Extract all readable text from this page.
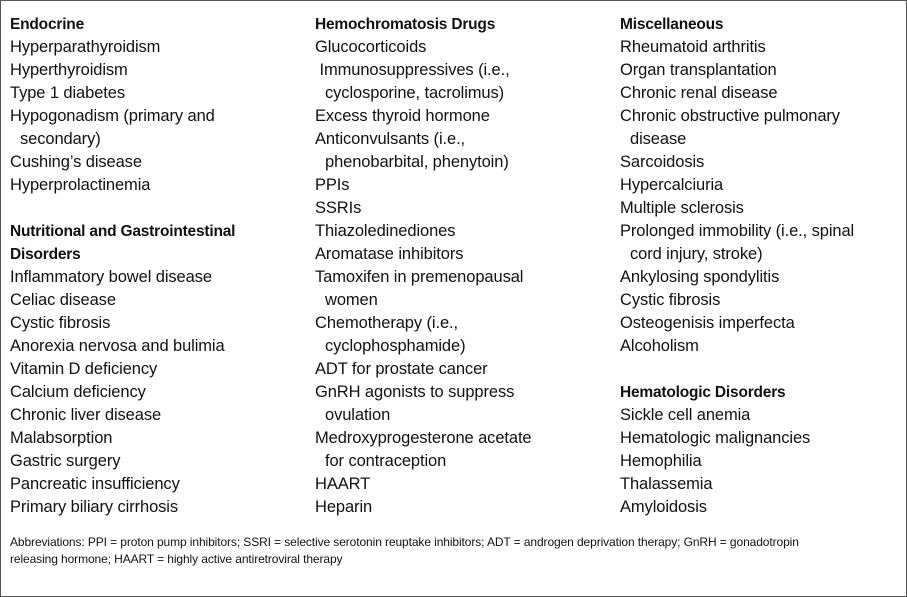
Endocrine
Hyperparathyroidism
Hyperthyroidism
Type 1 diabetes
Hypogonadism (primary and
secondary)
Cushing’s disease
Hyperprolactinemia
Nutritional and Gastrointestinal
Disorders
Inflammatory bowel disease
Celiac disease
Cystic fibrosis
Anorexia nervosa and bulimia
Vitamin D deficiency
Calcium deficiency
Chronic liver disease
Malabsorption
Gastric surgery
Pancreatic insufficiency
Primary biliary cirrhosis
Hemochromatosis Drugs
Glucocorticoids
Immunosuppressives (i.e.,
cyclosporine, tacrolimus)
Excess thyroid hormone
Anticonvulsants (i.e.,
phenobarbital, phenytoin)
PPIs
SSRIs
Thiazoledinediones
Aromatase inhibitors
Tamoxifen in premenopausal
women
Chemotherapy (i.e.,
cyclophosphamide)
ADT for prostate cancer
GnRH agonists to suppress
ovulation
Medroxyprogesterone acetate
for contraception
HAART
Heparin
Miscellaneous
Rheumatoid arthritis
Organ transplantation
Chronic renal disease
Chronic obstructive pulmonary
disease
Sarcoidosis
Hypercalciuria
Multiple sclerosis
Prolonged immobility (i.e., spinal
cord injury, stroke)
Ankylosing spondylitis
Cystic fibrosis
Osteogenisis imperfecta
Alcoholism
Hematologic Disorders
Sickle cell anemia
Hematologic malignancies
Hemophilia
Thalassemia
Amyloidosis
Abbreviations: PPI = proton pump inhibitors; SSRI = selective serotonin reuptake inhibitors; ADT = androgen deprivation therapy; GnRH = gonadotropin
releasing hormone; HAART = highly active antiretroviral therapy
